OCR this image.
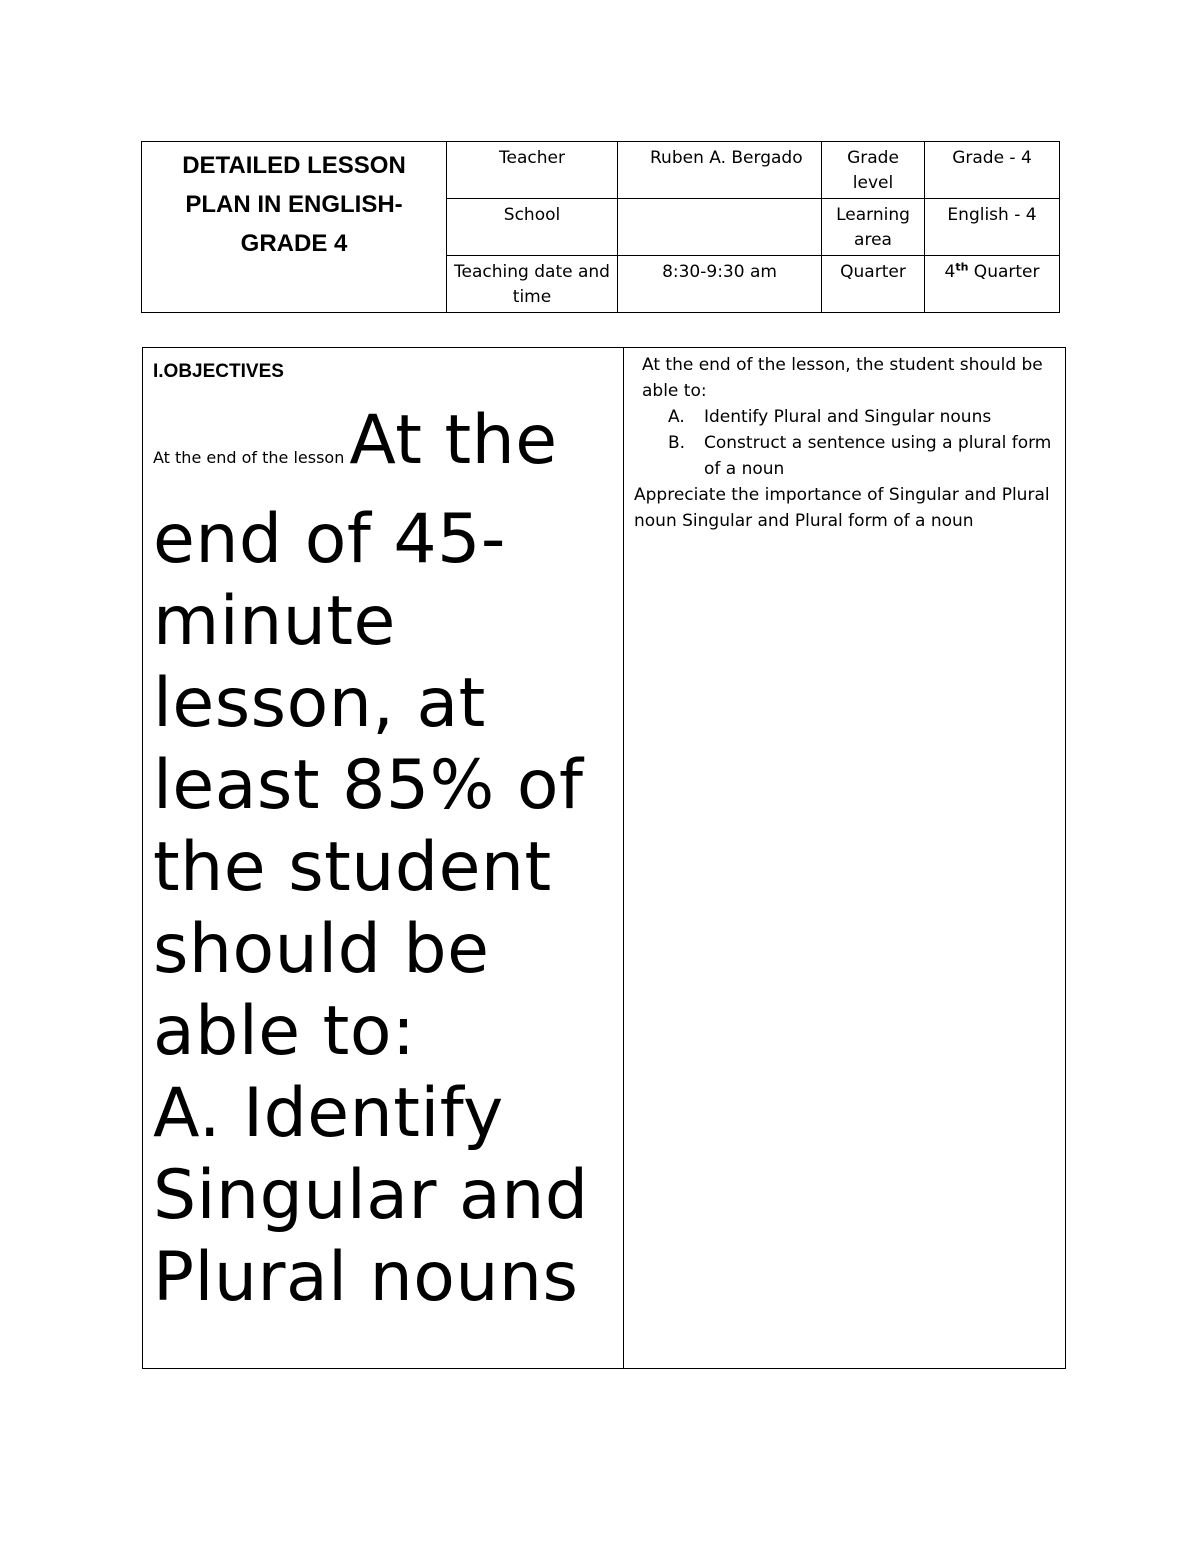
DETAILED LESSON PLAN IN ENGLISH-GRADE 4	Teacher	Ruben A. Bergado	Grade level	Grade - 4
	School		Learning area	English - 4
	Teaching date and time	8:30-9:30 am	Quarter	4th Quarter
I.OBJECTIVES
At the end of the lesson At the end of 45-minute lesson, at least 85% of the student should be able to:
A. Identify Singular and Plural nouns

At the end of the lesson, the student should be able to:
A. Identify Plural and Singular nouns
B. Construct a sentence using a plural form of a noun
Appreciate the importance of Singular and Plural noun Singular and Plural form of a noun
